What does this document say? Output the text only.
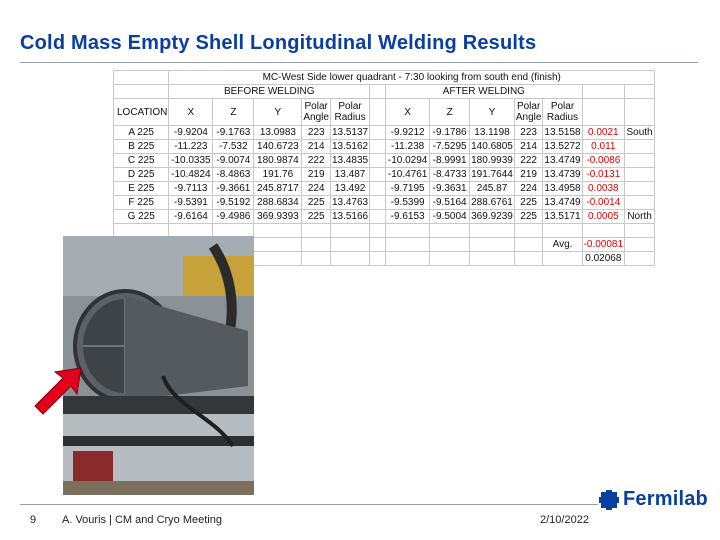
Cold Mass Empty Shell Longitudinal Welding Results
	MC-West Side lower quadrant - 7:30 looking from south end (finish)												
	BEFORE WELDING						AFTER WELDING						
LOCATION	X	Z	Y	Polar Angle	Polar Radius		X	Z	Y	Polar Angle	Polar Radius		
A 225	-9.9204	-9.1763	13.0983	223	13.5137		-9.9212	-9.1786	13.1198	223	13.5158	0.0021	South
B 225	-11.223	-7.532	140.6723	214	13.5162		-11.238	-7.5295	140.6805	214	13.5272	0.011	
C 225	-10.0335	-9.0074	180.9874	222	13.4835		-10.0294	-8.9991	180.9939	222	13.4749	-0.0086	
D 225	-10.4824	-8.4863	191.76	219	13.487		-10.4761	-8.4733	191.7644	219	13.4739	-0.0131	
E 225	-9.7113	-9.3661	245.8717	224	13.492		-9.7195	-9.3631	245.87	224	13.4958	0.0038	
F 225	-9.5391	-9.5192	288.6834	225	13.4763		-9.5399	-9.5164	288.6761	225	13.4749	-0.0014	
G 225	-9.6164	-9.4986	369.9393	225	13.5166		-9.6153	-9.5004	369.9239	225	13.5171	0.0005	North

											Avg.	-0.00081	
												0.02068	
9 A. Vouris | CM and Cryo Meeting	2/10/2022
Fermilab
